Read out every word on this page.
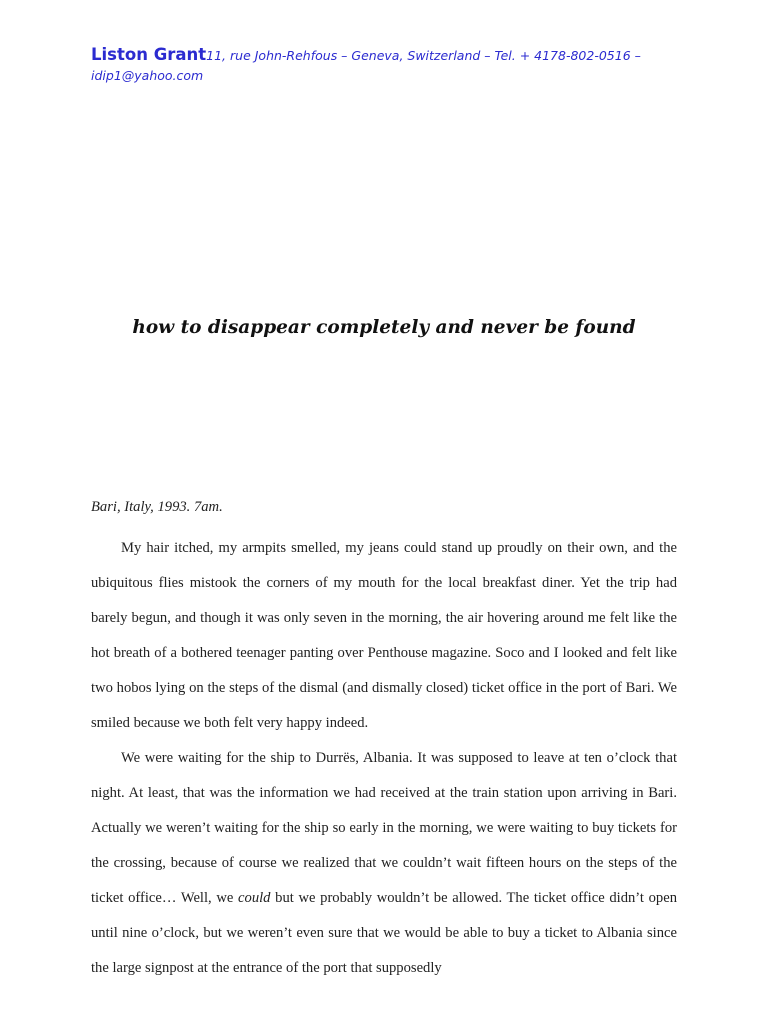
Liston Grant11, rue John-Rehfous – Geneva, Switzerland – Tel. + 4178-802-0516 – idip1@yahoo.com
how to disappear completely and never be found

Bari, Italy, 1993. 7am.

My hair itched, my armpits smelled, my jeans could stand up proudly on their own, and the ubiquitous flies mistook the corners of my mouth for the local breakfast diner. Yet the trip had barely begun, and though it was only seven in the morning, the air hovering around me felt like the hot breath of a bothered teenager panting over Penthouse magazine. Soco and I looked and felt like two hobos lying on the steps of the dismal (and dismally closed) ticket office in the port of Bari. We smiled because we both felt very happy indeed.

We were waiting for the ship to Durrës, Albania. It was supposed to leave at ten o’clock that night. At least, that was the information we had received at the train station upon arriving in Bari. Actually we weren’t waiting for the ship so early in the morning, we were waiting to buy tickets for the crossing, because of course we realized that we couldn’t wait fifteen hours on the steps of the ticket office… Well, we could but we probably wouldn’t be allowed. The ticket office didn’t open until nine o’clock, but we weren’t even sure that we would be able to buy a ticket to Albania since the large signpost at the entrance of the port that supposedly
